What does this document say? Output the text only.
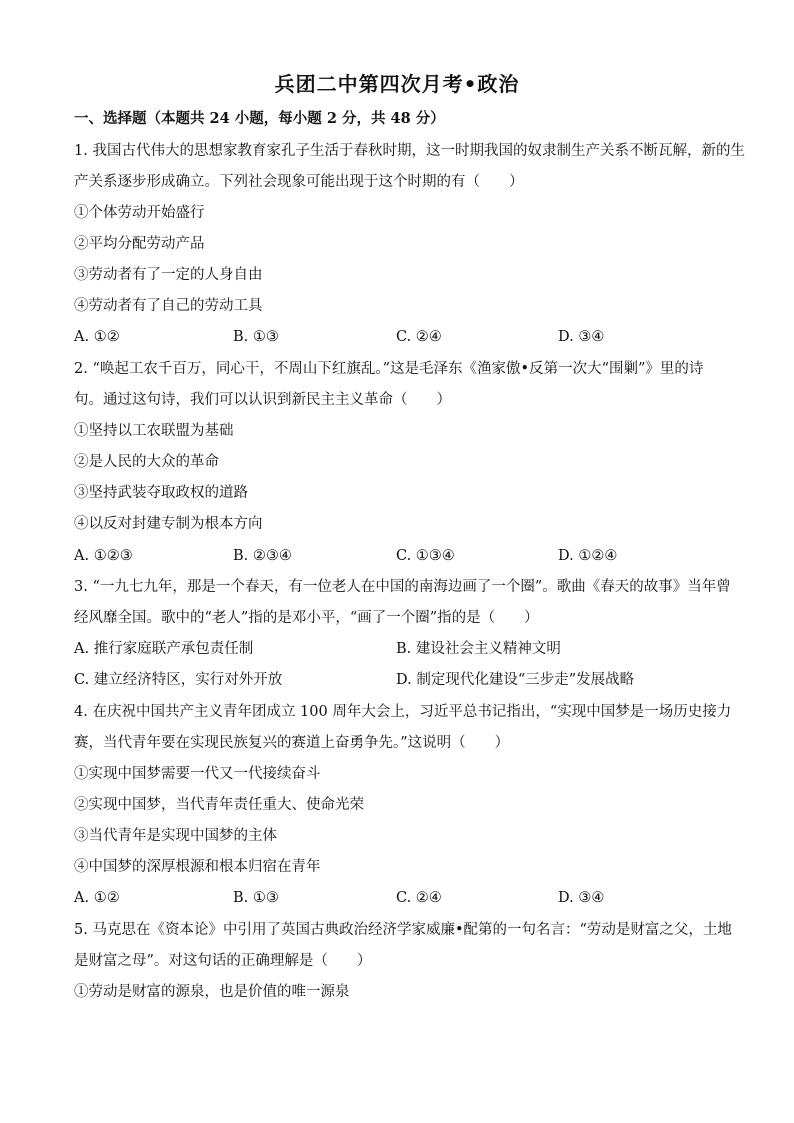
兵团二中第四次月考•政治
一、选择题（本题共 24 小题，每小题 2 分，共 48 分）
1. 我国古代伟大的思想家教育家孔子生活于春秋时期，这一时期我国的奴隶制生产关系不断瓦解，新的生
产关系逐步形成确立。下列社会现象可能出现于这个时期的有（　　）
①个体劳动开始盛行
②平均分配劳动产品
③劳动者有了一定的人身自由
④劳动者有了自己的劳动工具
A. ①②	B. ①③	C. ②④	D. ③④
2. “唤起工农千百万，同心干，不周山下红旗乱。”这是毛泽东《渔家傲•反第一次大“围剿”》里的诗
句。通过这句诗，我们可以认识到新民主主义革命（　　）
①坚持以工农联盟为基础
②是人民的大众的革命
③坚持武装夺取政权的道路
④以反对封建专制为根本方向
A. ①②③	B. ②③④	C. ①③④	D. ①②④
3. “一九七九年，那是一个春天，有一位老人在中国的南海边画了一个圈”。歌曲《春天的故事》当年曾
经风靡全国。歌中的“老人”指的是邓小平，“画了一个圈”指的是（　　）
A. 推行家庭联产承包责任制	B. 建设社会主义精神文明
C. 建立经济特区，实行对外开放	D. 制定现代化建设“三步走”发展战略
4. 在庆祝中国共产主义青年团成立 100 周年大会上，习近平总书记指出，“实现中国梦是一场历史接力
赛，当代青年要在实现民族复兴的赛道上奋勇争先。”这说明（　　）
①实现中国梦需要一代又一代接续奋斗
②实现中国梦，当代青年责任重大、使命光荣
③当代青年是实现中国梦的主体
④中国梦的深厚根源和根本归宿在青年
A. ①②	B. ①③	C. ②④	D. ③④
5. 马克思在《资本论》中引用了英国古典政治经济学家威廉•配第的一句名言：“劳动是财富之父，土地
是财富之母”。对这句话的正确理解是（　　）
①劳动是财富的源泉，也是价值的唯一源泉
